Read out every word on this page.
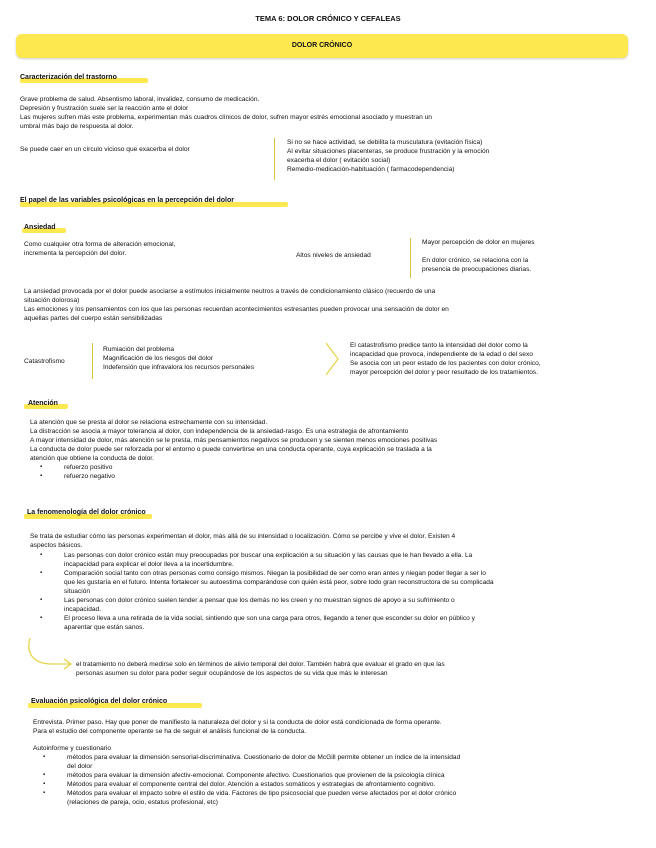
TEMA 6: DOLOR CRÓNICO Y CEFALEAS
DOLOR CRÓNICO
Caracterización del trastorno
Grave problema de salud. Absentismo laboral, invalidez, consumo de medicación.
Depresión y frustración suele ser la reacción ante el dolor
Las mujeres sufren más este problema, experimentan más cuadros clínicos de dolor, sufren mayor estrés emocional asociado y muestran un
umbral más bajo de respuesta al dolor.
Se puede caer en un círculo vicioso que exacerba el dolor
Si no se hace actividad, se debilita la musculatura (evitación física)
Al evitar situaciones placenteras, se produce frustración y la emoción
exacerba el dolor ( evitación social)
Remedio-medicación-habituación ( farmacodependencia)
El papel de las variables psicológicas en la percepción del dolor
Ansiedad
Como cualquier otra forma de alteración emocional,
incrementa la percepción del dolor.	Altos niveles de ansiedad
Mayor percepción de dolor en mujeres
En dolor crónico, se relaciona con la
presencia de preocupaciones diarias.
La ansiedad provocada por el dolor puede asociarse a estímulos inicialmente neutros a través de condicionamiento clásico (recuerdo de una
situación dolorosa)
Las emociones y los pensamientos con los que las personas recuerdan acontecimientos estresantes pueden provocar una sensación de dolor en
aquellas partes del cuerpo están sensibilizadas
Catastrofismo
Rumiación del problema
Magnificación de los riesgos del dolor
Indefensión que infravalora los recursos personales
El catastrofismo predice tanto la intensidad del dolor como la
incapacidad que provoca, independiente de la edad o del sexo
Se asocia con un peor estado de los pacientes con dolor crónico,
mayor percepción del dolor y peor resultado de los tratamientos.
Atención
La atención que se presta al dolor se relaciona estrechamente con su intensidad.
La distracción se asocia a mayor tolerancia al dolor, con independencia de la ansiedad-rasgo. Es una estrategia de afrontamiento
A mayor intensidad de dolor, más atención se le presta, más pensamientos negativos se producen y se sienten menos emociones positivas
La conducta de dolor puede ser reforzada por el entorno o puede convertirse en una conducta operante, cuya explicación se traslada a la
atención que obtiene la conducta de dolor.
▪ refuerzo positivo
▪ refuerzo negativo
La fenomenología del dolor crónico
Se trata de estudiar cómo las personas experimentan el dolor, más allá de su intensidad o localización. Cómo se percibe y vive el dolor. Existen 4
aspectos básicos.
▪ Las personas con dolor crónico están muy preocupadas por buscar una explicación a su situación y las causas que le han llevado a ella. La
incapacidad para explicar el dolor lleva a la incertidumbre.
▪ Comparación social tanto con otras personas como consigo mismos. Niegan la posibilidad de ser como eran antes y niegan poder llegar a ser lo
que les gustaría en el futuro. Intenta fortalecer su autoestima comparándose con quién está peor, sobre todo gran reconstructora de su complicada
situación
▪ Las personas con dolor crónico suelen tender a pensar que los demás no les creen y no muestran signos de apoyo a su sufrimiento o
incapacidad.
▪ El proceso lleva a una retirada de la vida social, sintiendo que son una carga para otros, llegando a tener que esconder su dolor en público y
aparentar que están sanos.
el tratamiento no deberá medirse solo en términos de alivio temporal del dolor. También habrá que evaluar el grado en que las
personas asumen su dolor para poder seguir ocupándose de los aspectos de su vida que más le interesan
Evaluación psicológica del dolor crónico
Entrevista. Primer paso. Hay que poner de manifiesto la naturaleza del dolor y si la conducta de dolor está condicionada de forma operante.
Para el estudio del componente operante se ha de seguir el análisis funcional de la conducta.
Autoinforme y cuestionario
▪ métodos para evaluar la dimensión sensorial-discriminativa. Cuestionario de dolor de McGill permite obtener un índice de la intensidad
del dolor
▪ métodos para evaluar la dimensión afectiv-emocional. Componente afectivo. Cuestionarios que provienen de la psicología clínica
▪ Métodos para evaluar el componente central del dolor. Atención a estados somáticos y estrategias de afrontamiento cognitivo.
▪ Métodos para evaluar el impacto sobre el estilo de vida. Factores de tipo psicosocial que pueden verse afectados por el dolor crónico
(relaciones de pareja, ocio, estatus profesional, etc)
